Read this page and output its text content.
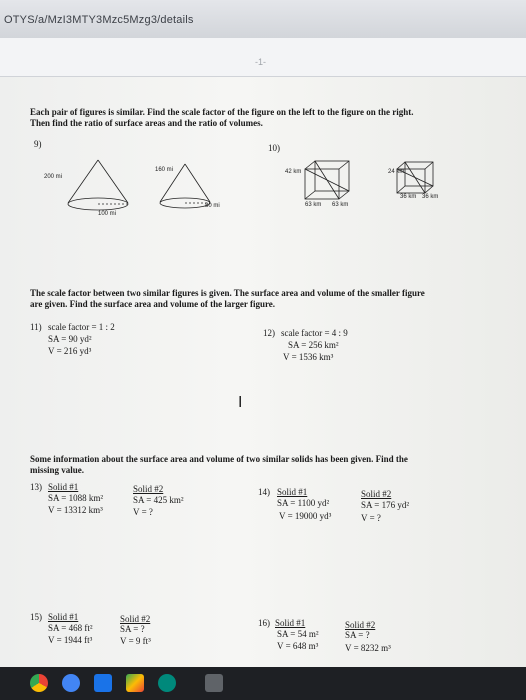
OTYS/a/MzI3MTY3Mzc5Mzg3/details
-1-
Each pair of figures is similar. Find the scale factor of the figure on the left to the figure on the right.
Then find the ratio of surface areas and the ratio of volumes.
9)	10)
200 mi
100 mi
160 mi
80 mi
42 km
63 km 63 km
24 km
36 km 36 km
The scale factor between two similar figures is given. The surface area and volume of the smaller figure
are given. Find the surface area and volume of the larger figure.
11) scale factor = 1 : 2
SA = 90 yd²
V = 216 yd³
12) scale factor = 4 : 9
SA = 256 km²
V = 1536 km³
I
Some information about the surface area and volume of two similar solids has been given. Find the
missing value.
13) Solid #1
SA = 1088 km²
V = 13312 km³
Solid #2
SA = 425 km²
V = ?
14) Solid #1
SA = 1100 yd²
V = 19000 yd³
Solid #2
SA = 176 yd²
V = ?
15) Solid #1
SA = 468 ft²
V = 1944 ft³
Solid #2
SA = ?
V = 9 ft³
16) Solid #1
SA = 54 m²
V = 648 m³
Solid #2
SA = ?
V = 8232 m³
